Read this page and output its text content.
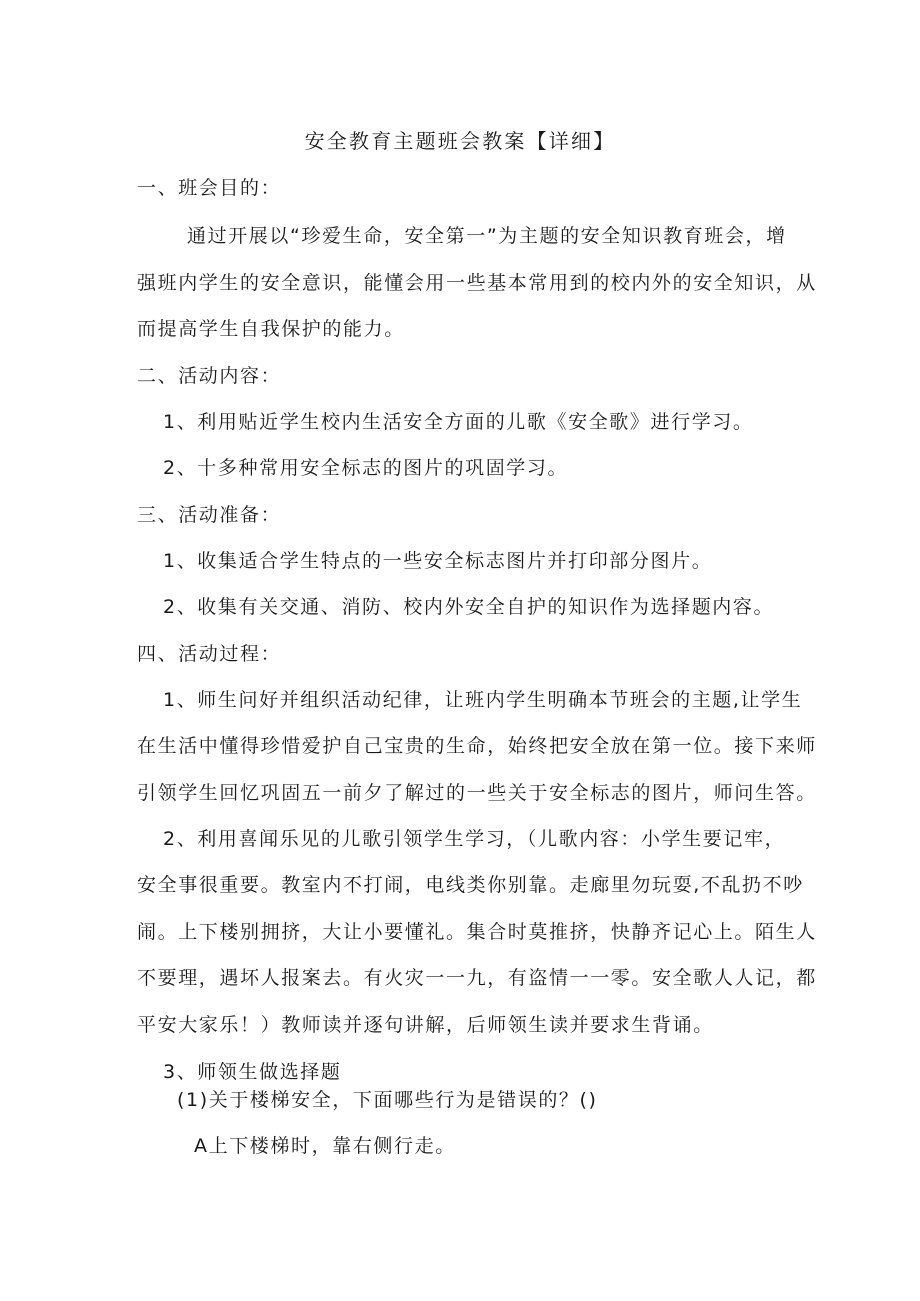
安全教育主题班会教案【详细】
一、班会目的：
通过开展以“珍爱生命，安全第一”为主题的安全知识教育班会，增
强班内学生的安全意识，能懂会用一些基本常用到的校内外的安全知识，从
而提高学生自我保护的能力。
二、活动内容：
1、利用贴近学生校内生活安全方面的儿歌《安全歌》进行学习。
2、十多种常用安全标志的图片的巩固学习。
三、活动准备：
1、收集适合学生特点的一些安全标志图片并打印部分图片。
2、收集有关交通、消防、校内外安全自护的知识作为选择题内容。
四、活动过程：
1、师生问好并组织活动纪律，让班内学生明确本节班会的主题,让学生
在生活中懂得珍惜爱护自己宝贵的生命，始终把安全放在第一位。接下来师
引领学生回忆巩固五一前夕了解过的一些关于安全标志的图片，师问生答。
2、利用喜闻乐见的儿歌引领学生学习，（儿歌内容：小学生要记牢，
安全事很重要。教室内不打闹，电线类你别靠。走廊里勿玩耍,不乱扔不吵
闹。上下楼别拥挤，大让小要懂礼。集合时莫推挤，快静齐记心上。陌生人
不要理，遇坏人报案去。有火灾一一九，有盗情一一零。安全歌人人记，都
平安大家乐！）教师读并逐句讲解，后师领生读并要求生背诵。
3、师领生做选择题
(1)关于楼梯安全，下面哪些行为是错误的？()
A上下楼梯时，靠右侧行走。
